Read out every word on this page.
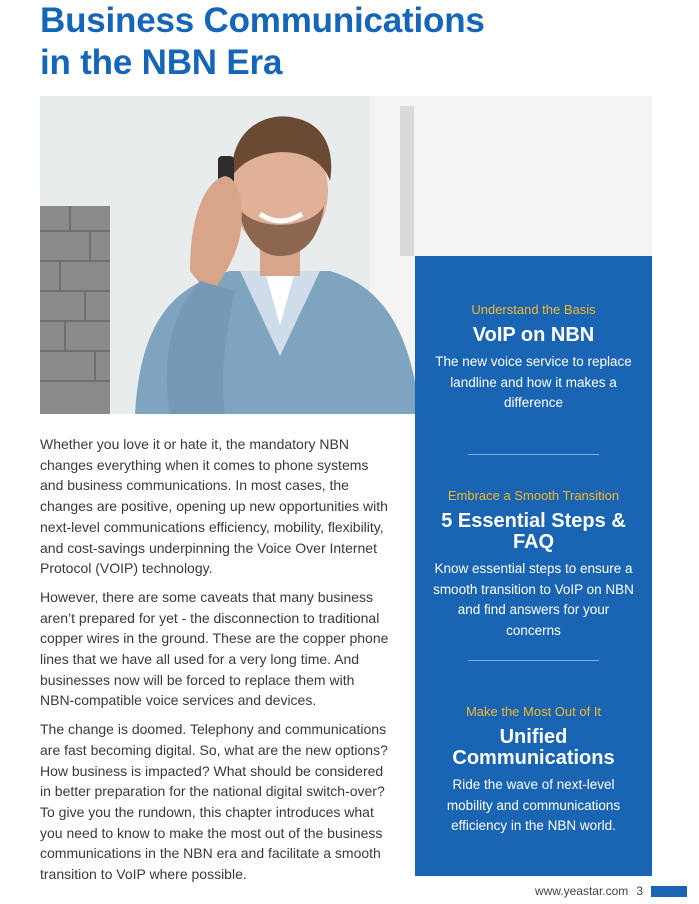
Business Communications
in the NBN Era

Whether you love it or hate it, the mandatory NBN changes everything when it comes to phone systems and business communications. In most cases, the changes are positive, opening up new opportunities with next-level communications efficiency, mobility, flexibility, and cost-savings underpinning the Voice Over Internet Protocol (VOIP) technology.

However, there are some caveats that many business aren’t prepared for yet - the disconnection to traditional copper wires in the ground. These are the copper phone lines that we have all used for a very long time. And businesses now will be forced to replace them with NBN-compatible voice services and devices.

The change is doomed. Telephony and communications are fast becoming digital. So, what are the new options? How business is impacted? What should be considered in better preparation for the national digital switch-over? To give you the rundown, this chapter introduces what you need to know to make the most out of the business communications in the NBN era and facilitate a smooth transition to VoIP where possible.

Understand the Basis
VoIP on NBN
The new voice service to replace landline and how it makes a difference
Embrace a Smooth Transition
5 Essential Steps & FAQ
Know essential steps to ensure a smooth transition to VoIP on NBN and find answers for your concerns
Make the Most Out of It
Unified Communications
Ride the wave of next-level mobility and communications efficiency in the NBN world.
www.yeastar.com 3
